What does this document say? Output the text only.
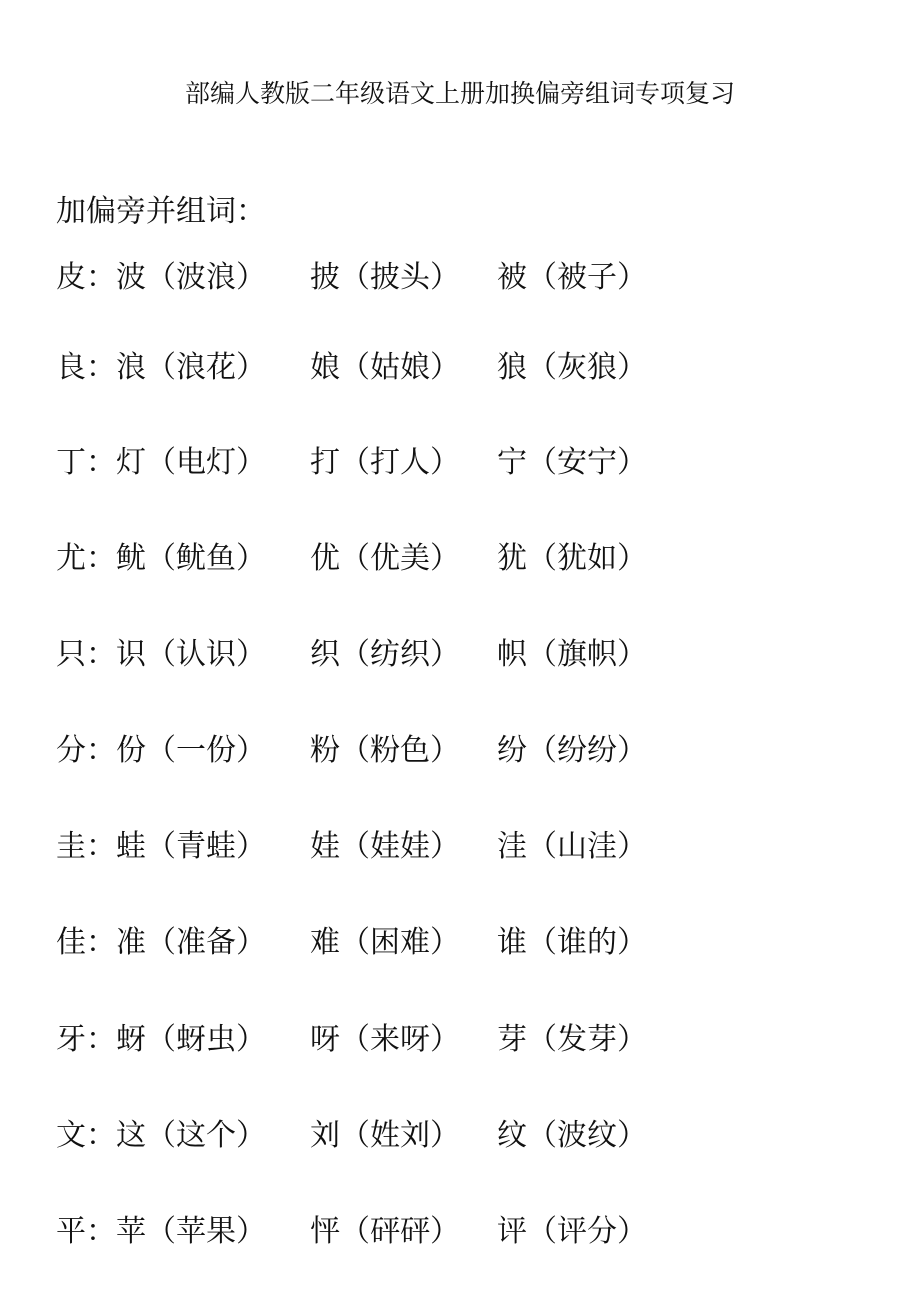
部编人教版二年级语文上册加换偏旁组词专项复习
加偏旁并组词：
皮 ： 波（波浪） 披（披头） 被（被子）
良 ： 浪（浪花） 娘（姑娘） 狼（灰狼）
丁 ： 灯（电灯） 打（打人） 宁（安宁）
尤 ： 鱿（鱿鱼） 优（优美） 犹（犹如）
只 ： 识（认识） 织（纺织） 帜（旗帜）
分 ： 份（一份） 粉（粉色） 纷（纷纷）
圭 ： 蛙（青蛙） 娃（娃娃） 洼（山洼）
佳 ： 准（准备） 难（困难） 谁（谁的）
牙 ： 蚜（蚜虫） 呀（来呀） 芽（发芽）
文 ： 这（这个） 刘（姓刘） 纹（波纹）
平 ： 苹（苹果） 怦（砰砰） 评（评分）
